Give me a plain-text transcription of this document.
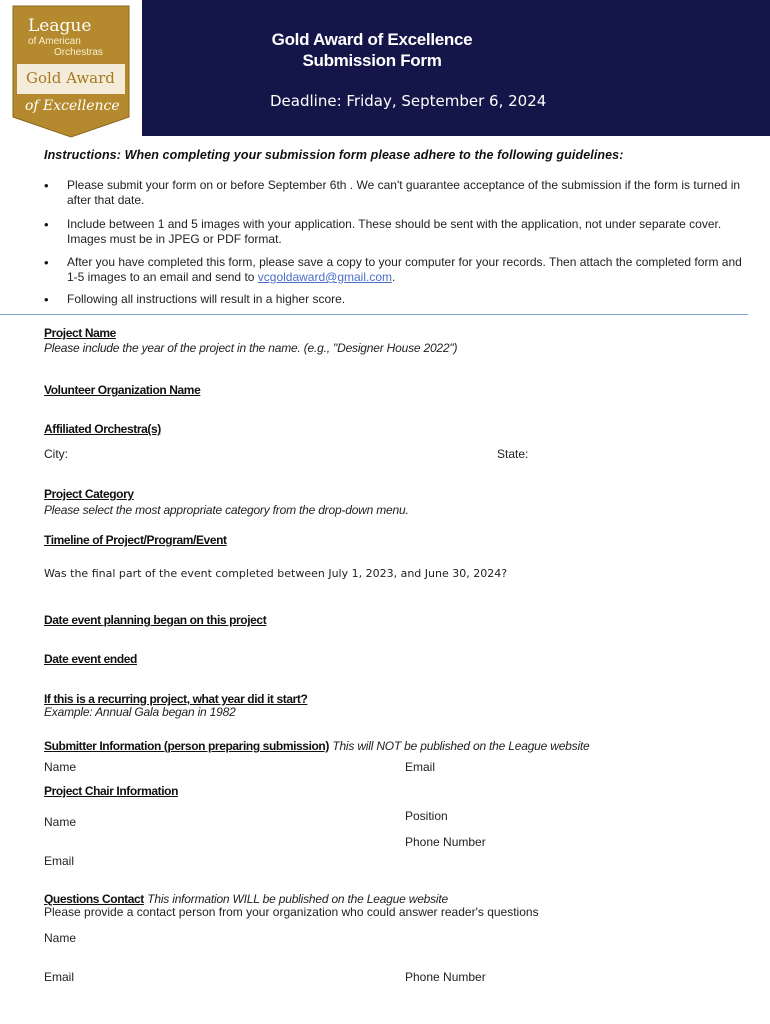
League
of American
Orchestras
Gold Award
of Excellence
Gold Award of Excellence
Submission Form
Deadline: Friday, September 6, 2024
Instructions: When completing your submission form please adhere to the following guidelines:
• Please submit your form on or before September 6th . We can't guarantee acceptance of the submission if the form is turned in after that date.
• Include between 1 and 5 images with your application. These should be sent with the application, not under separate cover. Images must be in JPEG or PDF format.
• After you have completed this form, please save a copy to your computer for your records. Then attach the completed form and 1-5 images to an email and send to vcgoldaward@gmail.com.
• Following all instructions will result in a higher score.
Project Name
Please include the year of the project in the name. (e.g., "Designer House 2022")
Volunteer Organization Name
Affiliated Orchestra(s)
City:	State:
Project Category
Please select the most appropriate category from the drop-down menu.
Timeline of Project/Program/Event
Was the final part of the event completed between July 1, 2023, and June 30, 2024?
Date event planning began on this project
Date event ended
If this is a recurring project, what year did it start?
Example: Annual Gala began in 1982
Submitter Information (person preparing submission) This will NOT be published on the League website
Name	Email
Project Chair Information
Position
Name
Phone Number
Email
Questions Contact This information WILL be published on the League website
Please provide a contact person from your organization who could answer reader's questions
Name
Email	Phone Number
